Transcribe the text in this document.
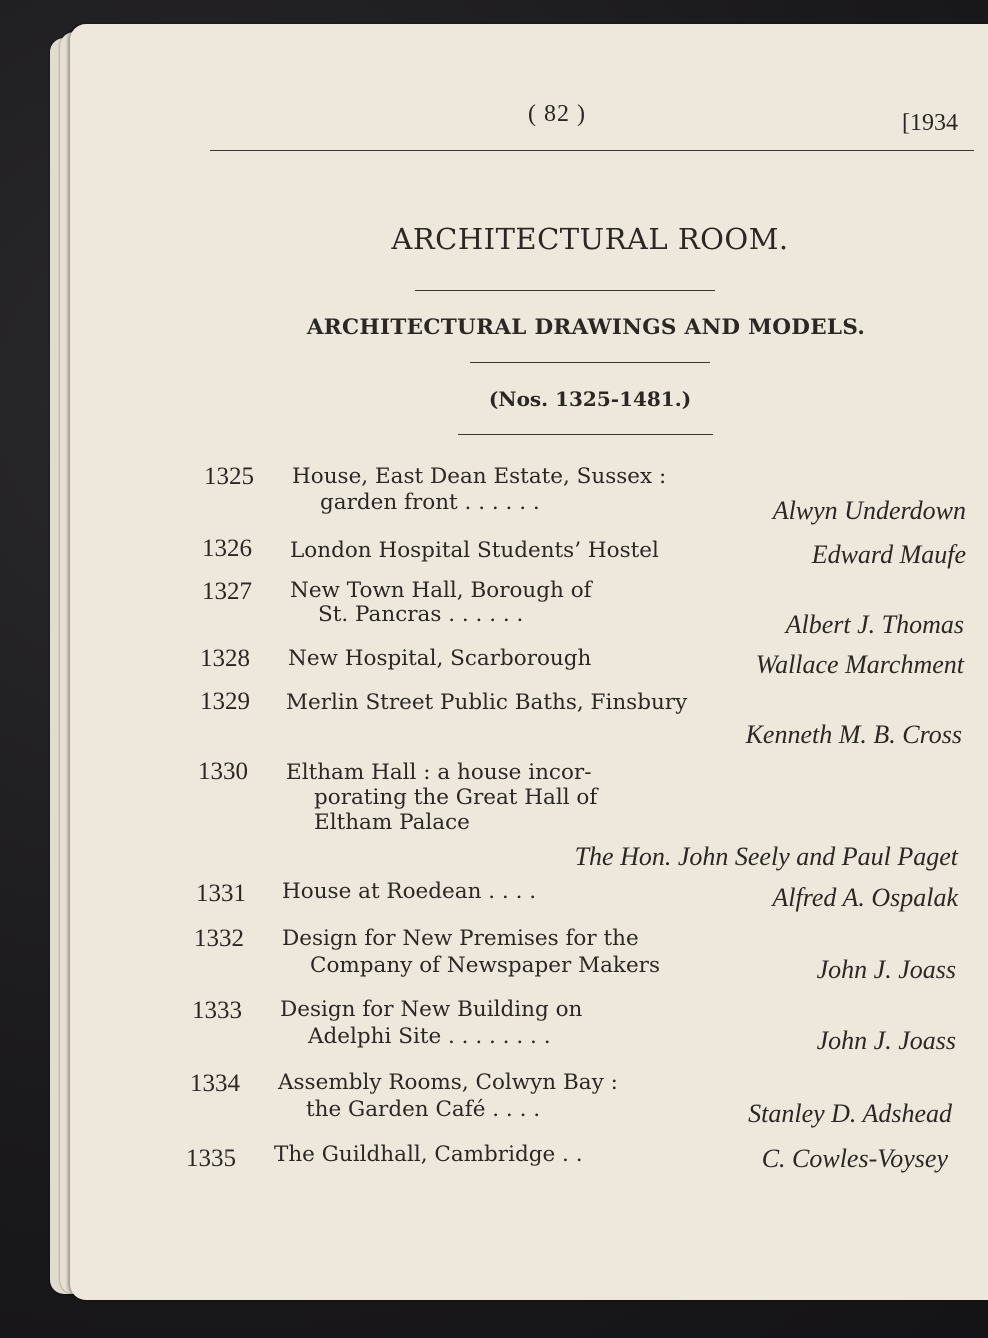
( 82 )	[1934
ARCHITECTURAL ROOM.
ARCHITECTURAL DRAWINGS AND MODELS.
(Nos. 1325-1481.)
1325 House, East Dean Estate, Sussex :
garden front . . . . . .	Alwyn Underdown
1326 London Hospital Students’ Hostel	Edward Maufe
1327 New Town Hall, Borough of
St. Pancras . . . . . .	Albert J. Thomas
1328 New Hospital, Scarborough	Wallace Marchment
1329 Merlin Street Public Baths, Finsbury
Kenneth M. B. Cross
1330 Eltham Hall : a house incor-
porating the Great Hall of
Eltham Palace
The Hon. John Seely and Paul Paget
1331 House at Roedean . . . .	Alfred A. Ospalak
1332 Design for New Premises for the
Company of Newspaper Makers	John J. Joass
1333 Design for New Building on
Adelphi Site . . . . . . . .	John J. Joass
1334 Assembly Rooms, Colwyn Bay :
the Garden Café . . . .	Stanley D. Adshead
1335 The Guildhall, Cambridge . .	C. Cowles-Voysey
